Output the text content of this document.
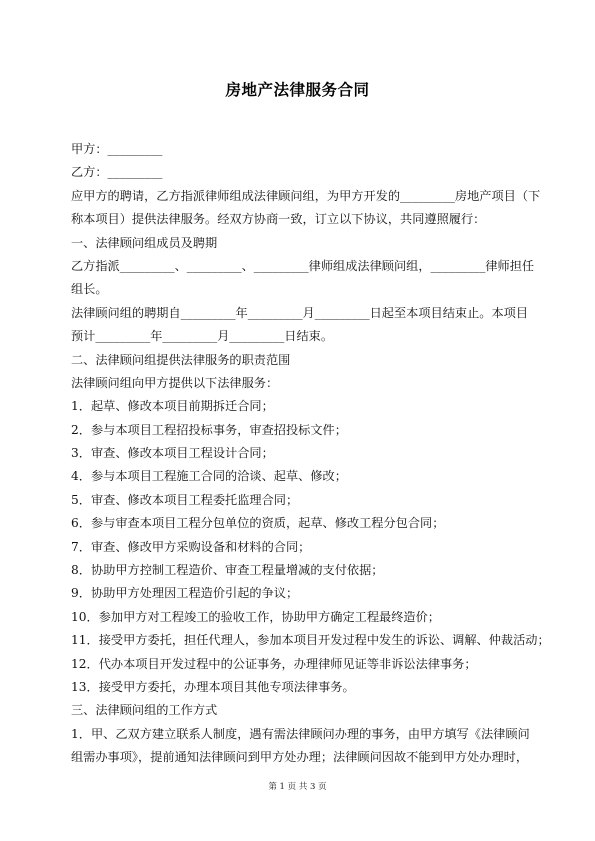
房地产法律服务合同
甲方：_________
乙方：_________
应甲方的聘请，乙方指派律师组成法律顾问组，为甲方开发的_________房地产项目（下
称本项目）提供法律服务。经双方协商一致，订立以下协议，共同遵照履行：
一、法律顾问组成员及聘期
乙方指派_________、_________、_________律师组成法律顾问组，_________律师担任
组长。
法律顾问组的聘期自_________年_________月_________日起至本项目结束止。本项目
预计_________年_________月_________日结束。
二、法律顾问组提供法律服务的职责范围
法律顾问组向甲方提供以下法律服务：
1．起草、修改本项目前期拆迁合同；
2．参与本项目工程招投标事务，审查招投标文件；
3．审查、修改本项目工程设计合同；
4．参与本项目工程施工合同的洽谈、起草、修改；
5．审查、修改本项目工程委托监理合同；
6．参与审查本项目工程分包单位的资质，起草、修改工程分包合同；
7．审查、修改甲方采购设备和材料的合同；
8．协助甲方控制工程造价、审查工程量增减的支付依据；
9．协助甲方处理因工程造价引起的争议；
10．参加甲方对工程竣工的验收工作，协助甲方确定工程最终造价；
11．接受甲方委托，担任代理人，参加本项目开发过程中发生的诉讼、调解、仲裁活动；
12．代办本项目开发过程中的公证事务，办理律师见证等非诉讼法律事务；
13．接受甲方委托，办理本项目其他专项法律事务。
三、法律顾问组的工作方式
1．甲、乙双方建立联系人制度，遇有需法律顾问办理的事务，由甲方填写《法律顾问
组需办事项》，提前通知法律顾问到甲方处办理；法律顾问因故不能到甲方处办理时，
第 1 页 共 3 页
